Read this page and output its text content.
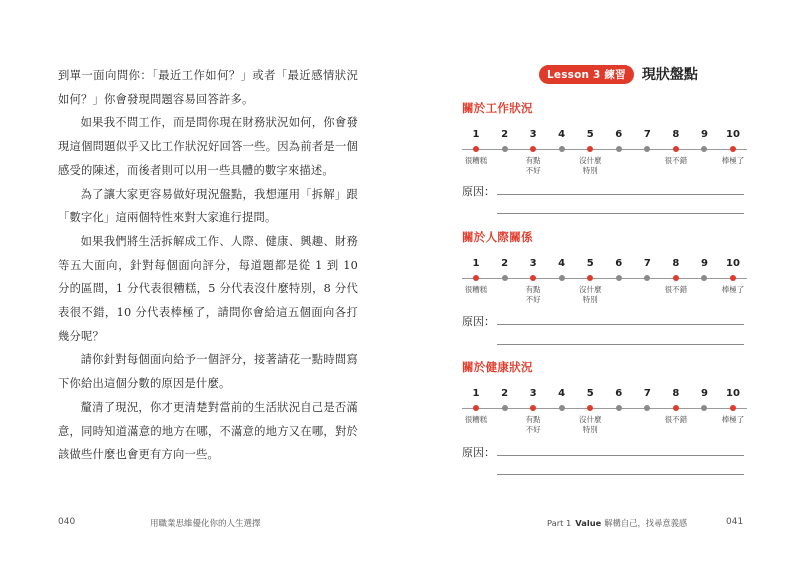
到單一面向問你：「最近工作如何？」或者「最近感情狀況如何？」你會發現問題容易回答許多。

如果我不問工作，而是問你現在財務狀況如何，你會發現這個問題似乎又比工作狀況好回答一些。因為前者是一個感受的陳述，而後者則可以用一些具體的數字來描述。

為了讓大家更容易做好現況盤點，我想運用「拆解」跟「數字化」這兩個特性來對大家進行提問。

如果我們將生活拆解成工作、人際、健康、興趣、財務等五大面向，針對每個面向評分，每道題都是從 1 到 10 分的區間，1 分代表很糟糕，5 分代表沒什麼特別，8 分代表很不錯，10 分代表棒極了，請問你會給這五個面向各打幾分呢？

請你針對每個面向給予一個評分，接著請花一點時間寫下你給出這個分數的原因是什麼。

釐清了現況，你才更清楚對當前的生活狀況自己是否滿意，同時知道滿意的地方在哪，不滿意的地方又在哪，對於該做些什麼也會更有方向一些。

040	用職業思維優化你的人生選擇
Lesson 3 練習	現狀盤點
關於工作狀況
1 2 3 4 5 6 7 8 9 10
很糟糕	有點
不好
沒什麼
特別
很不錯	棒極了
原因：
關於人際關係
1 2 3 4 5 6 7 8 9 10
很糟糕	有點
不好
沒什麼
特別
很不錯	棒極了
原因：
關於健康狀況
1 2 3 4 5 6 7 8 9 10
很糟糕	有點
不好
沒什麼
特別
很不錯	棒極了
原因：
Part 1 Value 解構自己，找尋意義感	041
